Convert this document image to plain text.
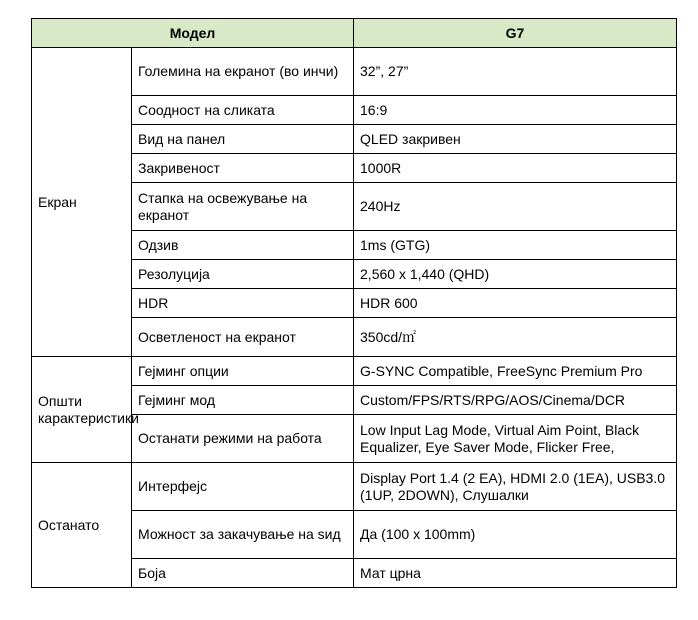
Модел		G7
Екран	Големина на екранот (во инчи)	32”, 27”
	Соодност на сликата	16:9
	Вид на панел	QLED закривен
	Закривеност	1000R
	Стапка на освежување на екранот	240Hz
	Одзив	1ms (GTG)
	Резолуција	2,560 x 1,440 (QHD)
	HDR	HDR 600
	Осветленост на екранот	350cd/㎡
Општи карактеристики	Гејминг опции	G-SYNC Compatible, FreeSync Premium Pro
	Гејминг мод	Custom/FPS/RTS/RPG/AOS/Cinema/DCR
	Останати режими на работа	Low Input Lag Mode, Virtual Aim Point, Black Equalizer, Eye Saver Mode, Flicker Free,
Останато	Интерфејс	Display Port 1.4 (2 EA), HDMI 2.0 (1EA), USB3.0 (1UP, 2DOWN), Слушалки
	Можност за закачување на ѕид	Да (100 x 100mm)
	Боја	Мат црна
